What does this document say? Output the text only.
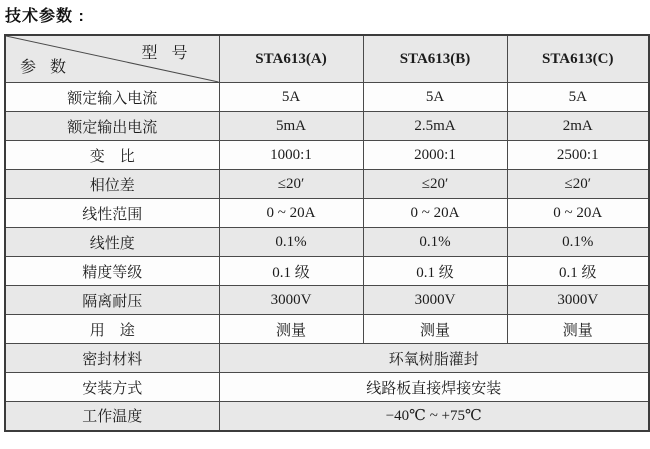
技术参数 :
型 号
参 数	STA613(A)	STA613(B)	STA613(C)
额定输入电流	5A	5A	5A
额定输出电流	5mA	2.5mA	2mA
变　比	1000:1	2000:1	2500:1
相位差	≤20′	≤20′	≤20′
线性范围	0 ~ 20A	0 ~ 20A	0 ~ 20A
线性度	0.1%	0.1%	0.1%
精度等级	0.1 级	0.1 级	0.1 级
隔离耐压	3000V	3000V	3000V
用　途	测量	测量	测量
密封材料	环氧树脂灌封		
安装方式	线路板直接焊接安装		
工作温度	−40℃ ~ +75℃		
